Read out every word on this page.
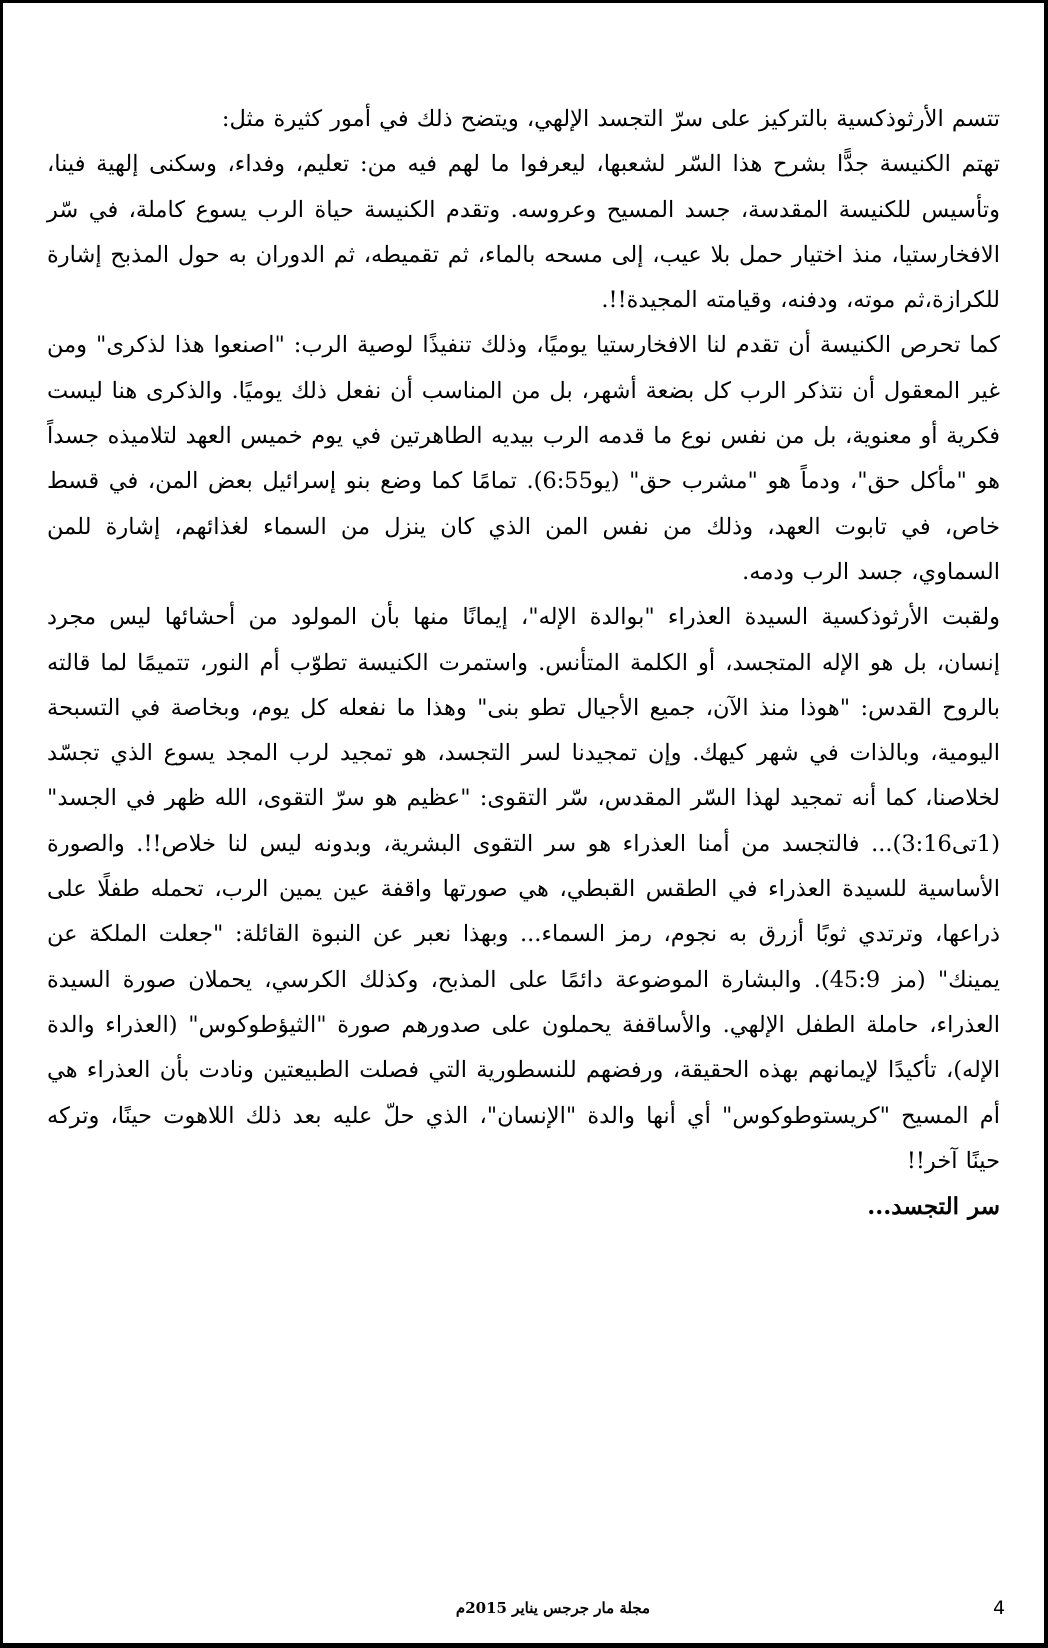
تتسم الأرثوذكسية بالتركيز على سرّ التجسد الإلهي، ويتضح ذلك في أمور كثيرة مثل:

تهتم الكنيسة جدًّا بشرح هذا السّر لشعبها، ليعرفوا ما لهم فيه من: تعليم، وفداء، وسكنى إلهية فينا، وتأسيس للكنيسة المقدسة، جسد المسيح وعروسه. وتقدم الكنيسة حياة الرب يسوع كاملة، في سّر الافخارستيا، منذ اختيار حمل بلا عيب، إلى مسحه بالماء، ثم تقميطه، ثم الدوران به حول المذبح إشارة للكرازة،ثم موته، ودفنه، وقيامته المجيدة!!.

كما تحرص الكنيسة أن تقدم لنا الافخارستيا يوميًا، وذلك تنفيذًا لوصية الرب: "اصنعوا هذا لذكرى" ومن غير المعقول أن نتذكر الرب كل بضعة أشهر، بل من المناسب أن نفعل ذلك يوميًا. والذكرى هنا ليست فكرية أو معنوية، بل من نفس نوع ما قدمه الرب بيديه الطاهرتين في يوم خميس العهد لتلاميذه جسداً هو "مأكل حق"، ودماً هو "مشرب حق" (يو6:55). تمامًا كما وضع بنو إسرائيل بعض المن، في قسط خاص، في تابوت العهد، وذلك من نفس المن الذي كان ينزل من السماء لغذائهم، إشارة للمن السماوي، جسد الرب ودمه.

ولقبت الأرثوذكسية السيدة العذراء "بوالدة الإله"، إيمانًا منها بأن المولود من أحشائها ليس مجرد إنسان، بل هو الإله المتجسد، أو الكلمة المتأنس. واستمرت الكنيسة تطوّب أم النور، تتميمًا لما قالته بالروح القدس: "هوذا منذ الآن، جميع الأجيال تطو بنى" وهذا ما نفعله كل يوم، وبخاصة في التسبحة اليومية، وبالذات في شهر كيهك. وإن تمجيدنا لسر التجسد، هو تمجيد لرب المجد يسوع الذي تجسّد لخلاصنا، كما أنه تمجيد لهذا السّر المقدس، سّر التقوى: "عظيم هو سرّ التقوى، الله ظهر في الجسد" (1تى3:16)... فالتجسد من أمنا العذراء هو سر التقوى البشرية، وبدونه ليس لنا خلاص!!. والصورة الأساسية للسيدة العذراء في الطقس القبطي، هي صورتها واقفة عين يمين الرب، تحمله طفلًا على ذراعها، وترتدي ثوبًا أزرق به نجوم، رمز السماء... وبهذا نعبر عن النبوة القائلة: "جعلت الملكة عن يمينك" (مز 45:9). والبشارة الموضوعة دائمًا على المذبح، وكذلك الكرسي، يحملان صورة السيدة العذراء، حاملة الطفل الإلهي. والأساقفة يحملون على صدورهم صورة "الثيؤطوكوس" (العذراء والدة الإله)، تأكيدًا لإيمانهم بهذه الحقيقة، ورفضهم للنسطورية التي فصلت الطبيعتين ونادت بأن العذراء هي أم المسيح "كريستوطوكوس" أي أنها والدة "الإنسان"، الذي حلّ عليه بعد ذلك اللاهوت حينًا، وتركه حينًا آخر!!

سر التجسد...

مجلة مار جرجس يناير 2015م	4
